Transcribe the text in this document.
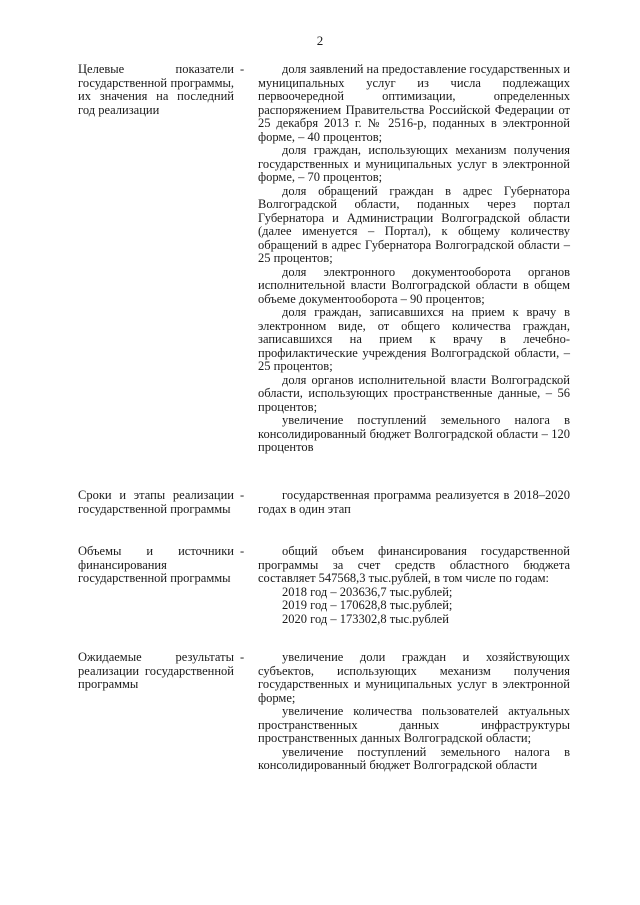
2
Целевые показатели государственной программы, их значения на последний год реализации
-	доля заявлений на предоставление государственных и муниципальных услуг из числа подлежащих первоочередной оптимизации, определенных распоряжением Правительства Российской Федерации от 25 декабря 2013 г. № 2516-р, поданных в электронной форме, – 40 процентов;

доля граждан, использующих механизм получения государственных и муниципальных услуг в электронной форме, – 70 процентов;

доля обращений граждан в адрес Губернатора Волгоградской области, поданных через портал Губернатора и Администрации Волгоградской области (далее именуется – Портал), к общему количеству обращений в адрес Губернатора Волгоградской области – 25 процентов;

доля электронного документооборота органов исполнительной власти Волгоградской области в общем объеме документооборота – 90 процентов;

доля граждан, записавшихся на прием к врачу в электронном виде, от общего количества граждан, записавшихся на прием к врачу в лечебно-профилактические учреждения Волгоградской области, – 25 процентов;

доля органов исполнительной власти Волгоградской области, использующих пространственные данные, – 56 процентов;

увеличение поступлений земельного налога в консолидированный бюджет Волгоградской области – 120 процентов

Сроки и этапы реализации государственной программы
-	государственная программа реализуется в 2018–2020 годах в один этап

Объемы и источники финансирования государственной программы
-	общий объем финансирования государственной программы за счет средств областного бюджета составляет 547568,3 тыс.рублей, в том числе по годам:

2018 год – 203636,7 тыс.рублей;

2019 год – 170628,8 тыс.рублей;

2020 год – 173302,8 тыс.рублей

Ожидаемые результаты реализации государственной программы
-	увеличение доли граждан и хозяйствующих субъектов, использующих механизм получения государственных и муниципальных услуг в электронной форме;

увеличение количества пользователей актуальных пространственных данных инфраструктуры пространственных данных Волгоградской области;

увеличение поступлений земельного налога в консолидированный бюджет Волгоградской области
